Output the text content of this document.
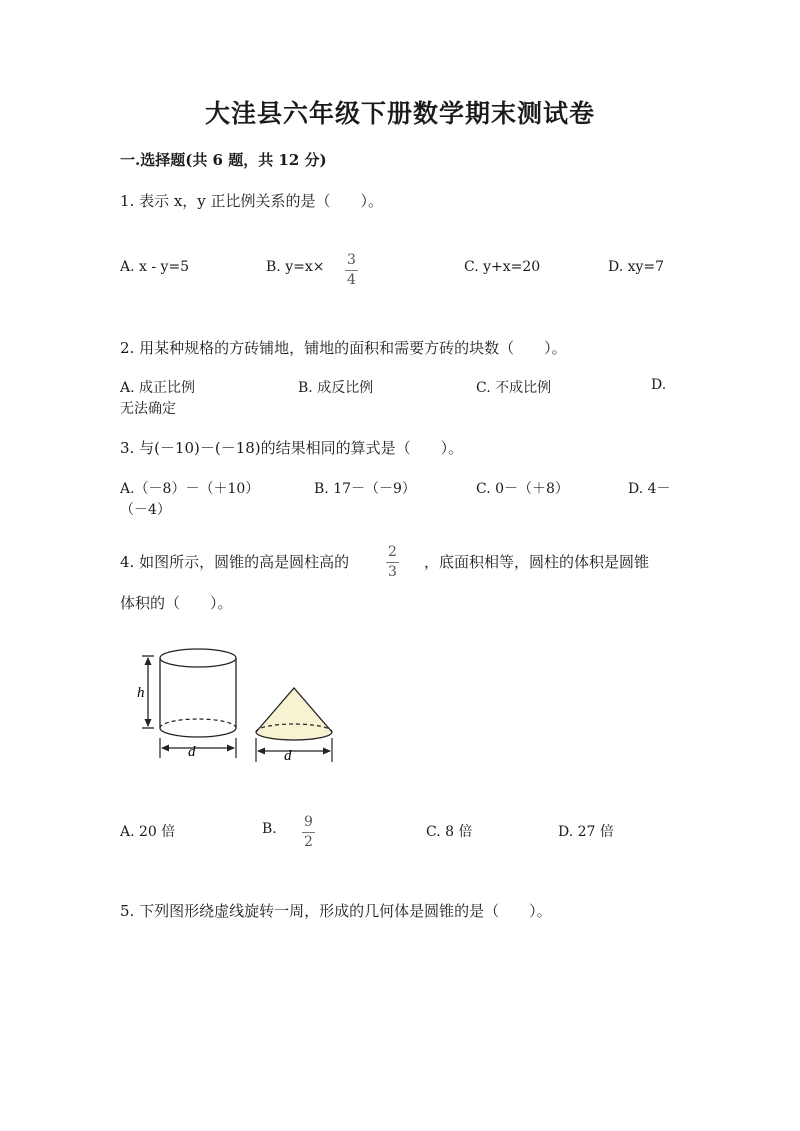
大洼县六年级下册数学期末测试卷
一.选择题(共 6 题，共 12 分)
1. 表示 x，y 正比例关系的是（　　）。
A. x - y=5	B. y=x× 3
4
C. y+x=20	D. xy=7
2. 用某种规格的方砖铺地，铺地的面积和需要方砖的块数（　　）。
A. 成正比例	B. 成反比例	C. 不成比例	D.
无法确定
3. 与(－10)－(－18)的结果相同的算式是（　　）。
A.（－8）－（＋10）	B. 17－（－9）	C. 0－（＋8）	D. 4－
（－4）
4. 如图所示，圆锥的高是圆柱高的
2
3
，底面积相等，圆柱的体积是圆锥
体积的（　　）。
h
d	d
A. 20 倍	B. 9
2
C. 8 倍	D. 27 倍
5. 下列图形绕虚线旋转一周，形成的几何体是圆锥的是（　　）。
